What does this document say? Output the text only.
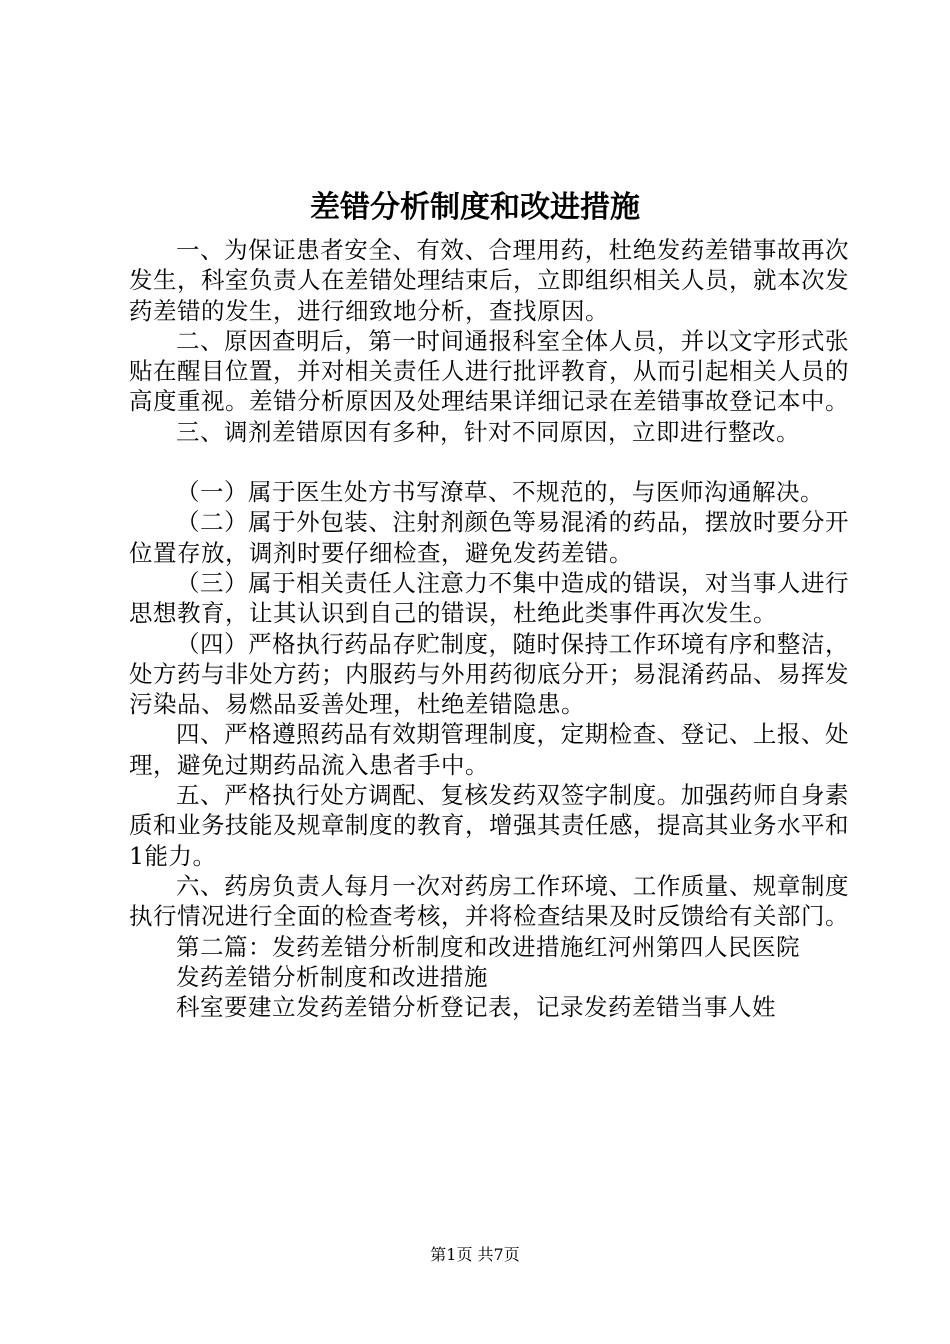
差错分析制度和改进措施

一、为保证患者安全、有效、合理用药，杜绝发药差错事故再次发生，科室负责人在差错处理结束后，立即组织相关人员，就本次发药差错的发生，进行细致地分析，查找原因。

二、原因查明后，第一时间通报科室全体人员，并以文字形式张贴在醒目位置，并对相关责任人进行批评教育，从而引起相关人员的高度重视。差错分析原因及处理结果详细记录在差错事故登记本中。

三、调剂差错原因有多种，针对不同原因，立即进行整改。

（一）属于医生处方书写潦草、不规范的，与医师沟通解决。

（二）属于外包装、注射剂颜色等易混淆的药品，摆放时要分开位置存放，调剂时要仔细检查，避免发药差错。

（三）属于相关责任人注意力不集中造成的错误，对当事人进行思想教育，让其认识到自己的错误，杜绝此类事件再次发生。

（四）严格执行药品存贮制度，随时保持工作环境有序和整洁，处方药与非处方药；内服药与外用药彻底分开；易混淆药品、易挥发污染品、易燃品妥善处理，杜绝差错隐患。

四、严格遵照药品有效期管理制度，定期检查、登记、上报、处理，避免过期药品流入患者手中。

五、严格执行处方调配、复核发药双签字制度。加强药师自身素质和业务技能及规章制度的教育，增强其责任感，提高其业务水平和1能力。

六、药房负责人每月一次对药房工作环境、工作质量、规章制度执行情况进行全面的检查考核，并将检查结果及时反馈给有关部门。

第二篇：发药差错分析制度和改进措施红河州第四人民医院

发药差错分析制度和改进措施

科室要建立发药差错分析登记表，记录发药差错当事人姓

第1页 共7页
